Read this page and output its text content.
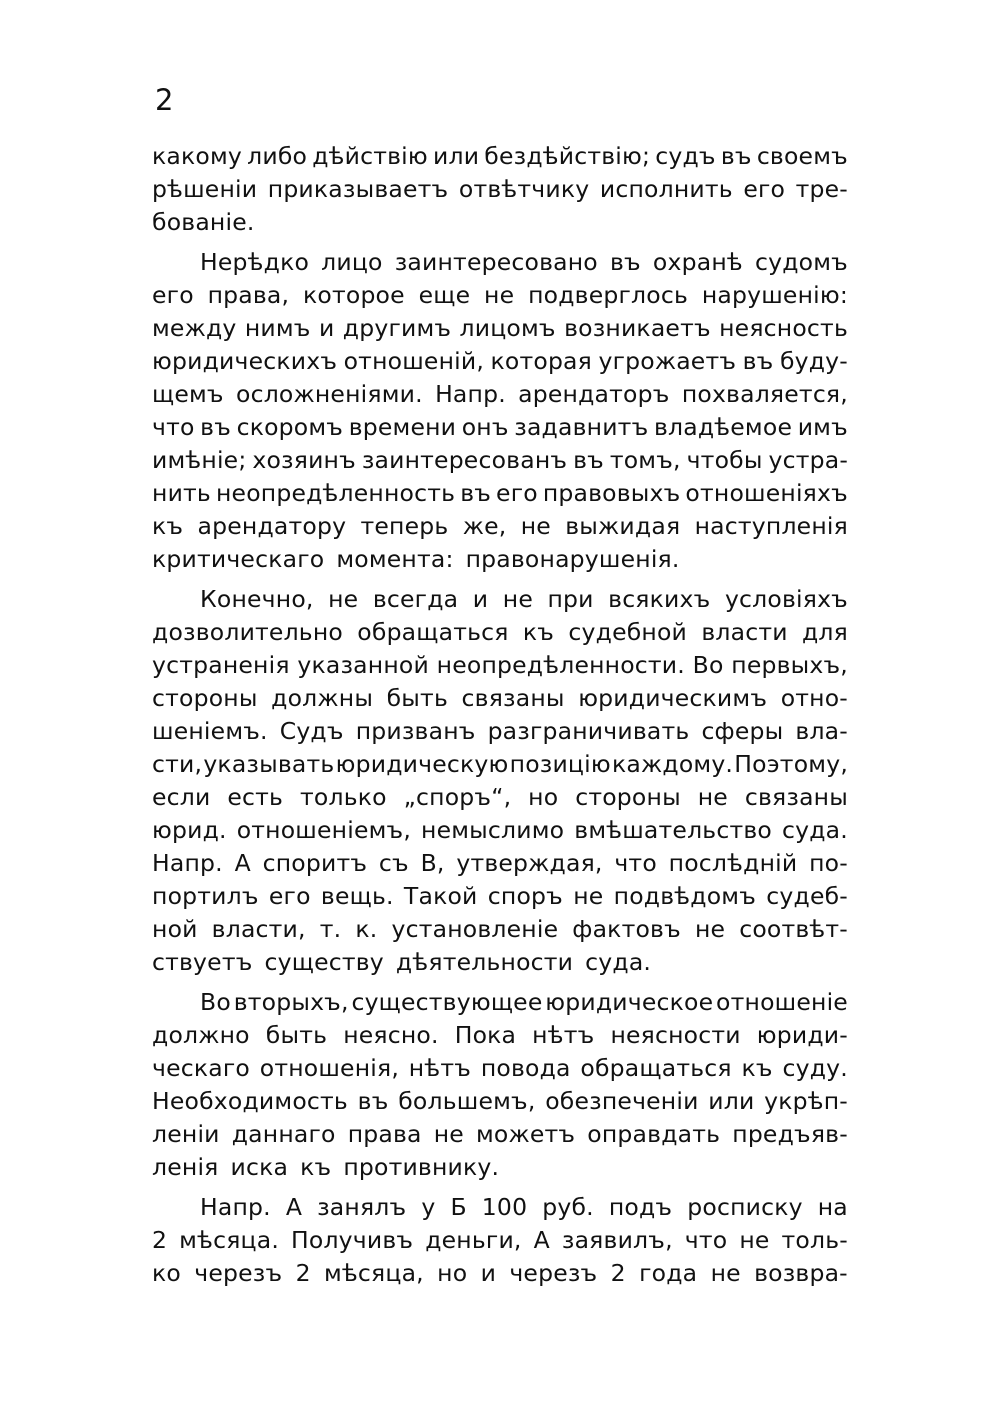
2
какому либо дѣйствію или бездѣйствію; судъ въ своемъ
рѣшеніи приказываетъ отвѣтчику исполнить его тре-
бованіе.
Нерѣдко лицо заинтересовано въ охранѣ судомъ
его права, которое еще не подверглось нарушенію:
между нимъ и другимъ лицомъ возникаетъ неясность
юридическихъ отношеній, которая угрожаетъ въ буду-
щемъ осложненіями. Напр. арендаторъ похваляется,
что въ скоромъ времени онъ задавнитъ владѣемое имъ
имѣніе; хозяинъ заинтересованъ въ томъ, чтобы устра-
нить неопредѣленность въ его правовыхъ отношеніяхъ
къ арендатору теперь же, не выжидая наступленія
критическаго момента: правонарушенія.
Конечно, не всегда и не при всякихъ условіяхъ
дозволительно обращаться къ судебной власти для
устраненія указанной неопредѣленности. Во первыхъ,
стороны должны быть связаны юридическимъ отно-
шеніемъ. Судъ призванъ разграничивать сферы вла-
сти, указывать юридическую позицію каждому. Поэтому,
если есть только „споръ“, но стороны не связаны
юрид. отношеніемъ, немыслимо вмѣшательство суда.
Напр. А споритъ съ В, утверждая, что послѣдній по-
портилъ его вещь. Такой споръ не подвѣдомъ судеб-
ной власти, т. к. установленіе фактовъ не соотвѣт-
ствуетъ существу дѣятельности суда.
Во вторыхъ, существующее юридическое отношеніе
должно быть неясно. Пока нѣтъ неясности юриди-
ческаго отношенія, нѣтъ повода обращаться къ суду.
Необходимость въ большемъ, обезпеченіи или укрѣп-
леніи даннаго права не можетъ оправдать предъяв-
ленія иска къ противнику.
Напр. А занялъ у Б 100 руб. подъ росписку на
2 мѣсяца. Получивъ деньги, А заявилъ, что не толь-
ко черезъ 2 мѣсяца, но и черезъ 2 года не возвра-
